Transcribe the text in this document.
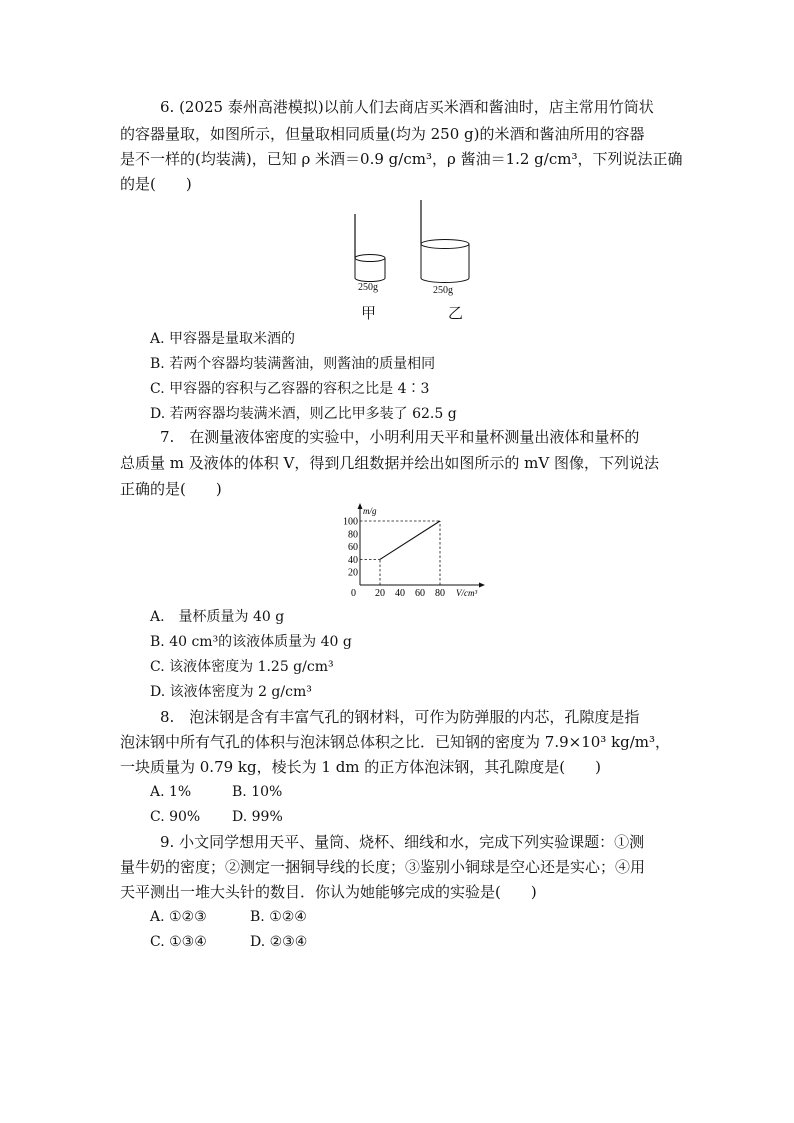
6. (2025 泰州高港模拟)以前人们去商店买米酒和酱油时，店主常用竹筒状
的容器量取，如图所示，但量取相同质量(均为 250 g)的米酒和酱油所用的容器
是不一样的(均装满)，已知 ρ 米酒＝0.9 g/cm³，ρ 酱油＝1.2 g/cm³，下列说法正确
的是(　　)
250g	250g
甲	乙
A. 甲容器是量取米酒的
B. 若两个容器均装满酱油，则酱油的质量相同
C. 甲容器的容积与乙容器的容积之比是 4∶3
D. 若两容器均装满米酒，则乙比甲多装了 62.5 g
7.　在测量液体密度的实验中，小明利用天平和量杯测量出液体和量杯的
总质量 m 及液体的体积 V，得到几组数据并绘出如图所示的 mV 图像，下列说法
正确的是(　　)
0 20 40 60 80
20
40
60
80
100
V/cm³
m/g
A.　量杯质量为 40 g
B. 40 cm³的该液体质量为 40 g
C. 该液体密度为 1.25 g/cm³
D. 该液体密度为 2 g/cm³
8.　泡沫钢是含有丰富气孔的钢材料，可作为防弹服的内芯，孔隙度是指
泡沫钢中所有气孔的体积与泡沫钢总体积之比．已知钢的密度为 7.9×10³ kg/m³，
一块质量为 0.79 kg，棱长为 1 dm 的正方体泡沫钢，其孔隙度是(　　)
A. 1%	B. 10%
C. 90% D. 99%
9. 小文同学想用天平、量筒、烧杯、细线和水，完成下列实验课题：①测
量牛奶的密度；②测定一捆铜导线的长度；③鉴别小铜球是空心还是实心；④用
天平测出一堆大头针的数目．你认为她能够完成的实验是(　　)
A. ①②③	B. ①②④
C. ①③④	D. ②③④
